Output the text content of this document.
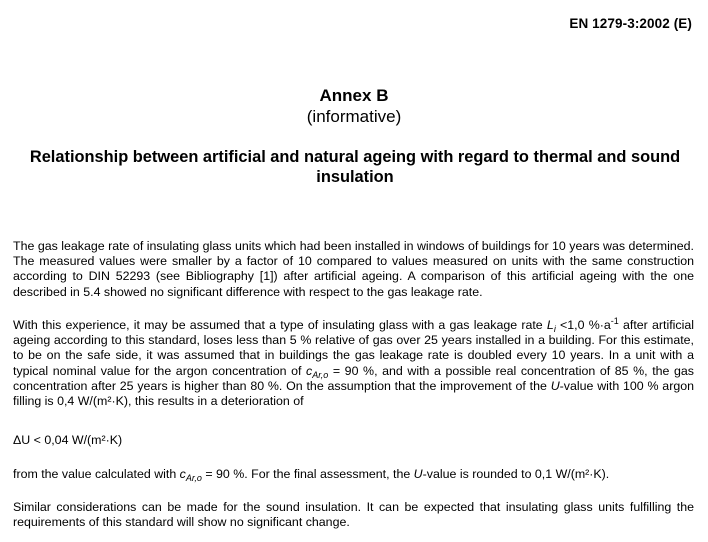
EN 1279-3:2002 (E)
Annex B
(informative)
Relationship between artificial and natural ageing with regard to thermal and sound insulation

The gas leakage rate of insulating glass units which had been installed in windows of buildings for 10 years was determined. The measured values were smaller by a factor of 10 compared to values measured on units with the same construction according to DIN 52293 (see Bibliography [1]) after artificial ageing. A comparison of this artificial ageing with the one described in 5.4 showed no significant difference with respect to the gas leakage rate.

With this experience, it may be assumed that a type of insulating glass with a gas leakage rate $L_i <1,0$ $\%\cdot a^{-1}$ after artificial ageing according to this standard, loses less than 5 % relative of gas over 25 years installed in a building. For this estimate, to be on the safe side, it was assumed that in buildings the gas leakage rate is doubled every 10 years. In a unit with a typical nominal value for the argon concentration of $c_{Ar,o} = 90$ %, and with a possible real concentration of 85 %, the gas concentration after 25 years is higher than 80 %. On the assumption that the improvement of the U-value with 100 % argon filling is 0,4 W/(m²·K), this results in a deterioration of

ΔU < 0,04 W/(m²·K)

from the value calculated with $c_{Ar,o} = 90$ %. For the final assessment, the U-value is rounded to 0,1 W/(m²·K).

Similar considerations can be made for the sound insulation. It can be expected that insulating glass units fulfilling the requirements of this standard will show no significant change.
